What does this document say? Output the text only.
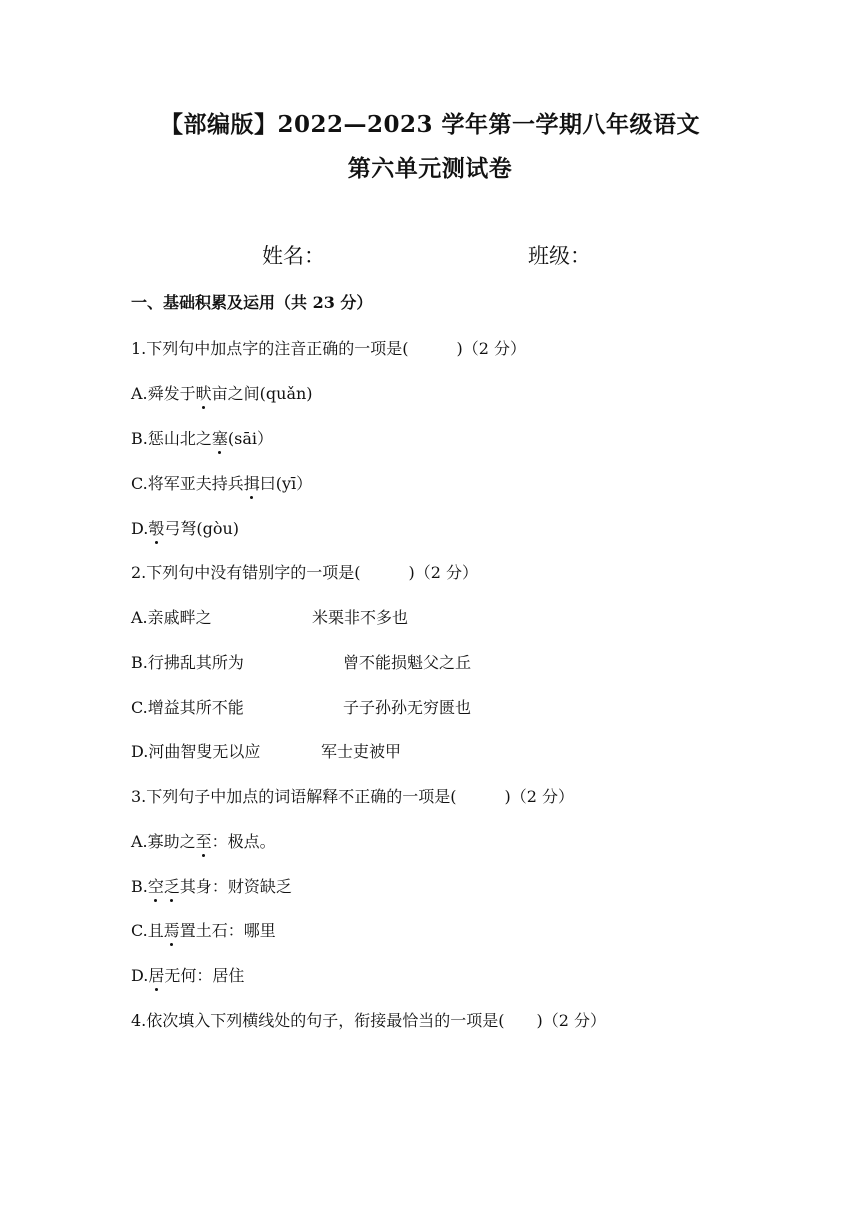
【部编版】2022—2023 学年第一学期八年级语文
第六单元测试卷
姓名：	班级：
一、基础积累及运用（共 23 分）
1.下列句中加点字的注音正确的一项是(　　　)（2 分）
A.舜发于畎亩之间(quǎn)
B.惩山北之塞(sāi）
C.将军亚夫持兵揖曰(yī）
D.彀弓弩(gòu)
2.下列句中没有错别字的一项是(　　　)（2 分）
A.亲戚畔之	米栗非不多也
B.行拂乱其所为	曾不能损魁父之丘
C.增益其所不能	子子孙孙无穷匮也
D.河曲智叟无以应	军士吏被甲
3.下列句子中加点的词语解释不正确的一项是(　　　)（2 分）
A.寡助之至：极点。
B.空乏其身：财资缺乏
C.且焉置土石：哪里
D.居无何：居住
4.依次填入下列横线处的句子，衔接最恰当的一项是(　　)（2 分）
